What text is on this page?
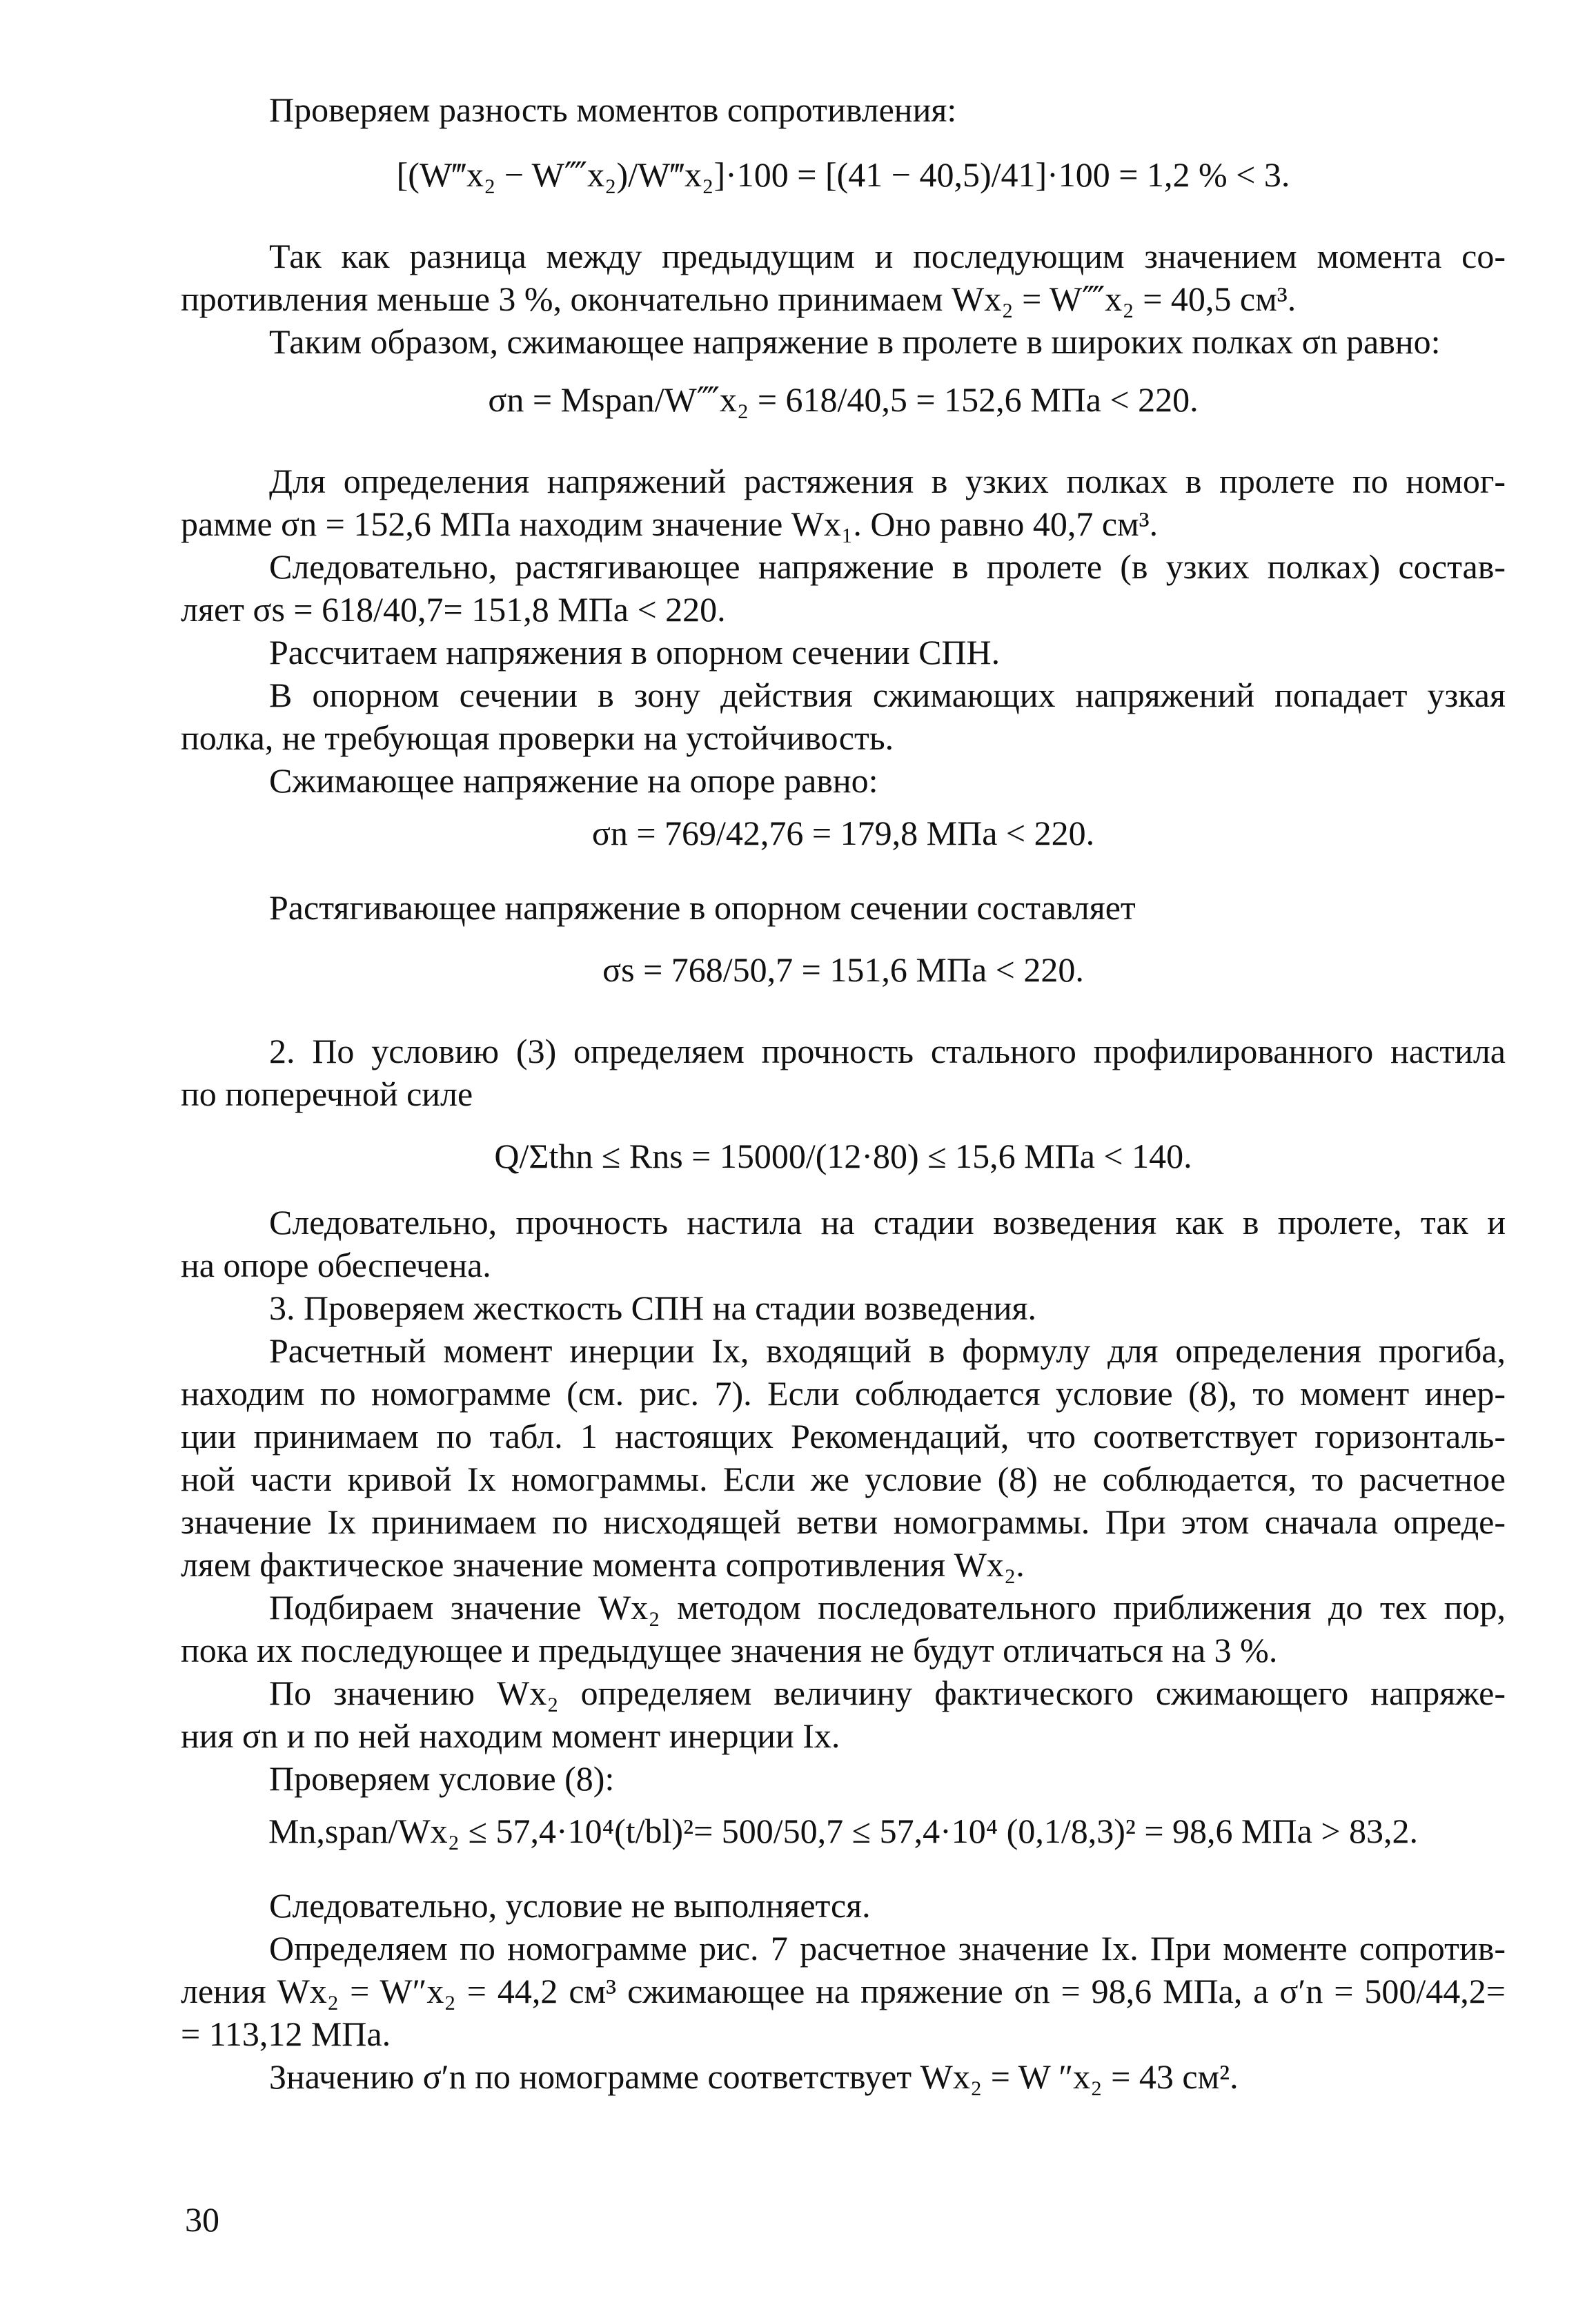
Проверяем разность моментов сопротивления:

[(W‴x₂ − W⁗x₂)/W‴x₂]·100 = [(41 − 40,5)/41]·100 = 1,2 % < 3.

Так как разница между предыдущим и последующим значением момента со-

противления меньше 3 %, окончательно принимаем Wx₂ = W⁗x₂ = 40,5 см³.

Таким образом, сжимающее напряжение в пролете в широких полках σn равно:

σn = Mspan/W⁗x₂ = 618/40,5 = 152,6 МПа < 220.

Для определения напряжений растяжения в узких полках в пролете по номог-

рамме σn = 152,6 МПа находим значение Wx₁. Оно равно 40,7 см³.

Следовательно, растягивающее напряжение в пролете (в узких полках) состав-

ляет σs = 618/40,7= 151,8 МПа < 220.

Рассчитаем напряжения в опорном сечении СПН.

В опорном сечении в зону действия сжимающих напряжений попадает узкая

полка, не требующая проверки на устойчивость.

Сжимающее напряжение на опоре равно:

σn = 769/42,76 = 179,8 МПа < 220.

Растягивающее напряжение в опорном сечении составляет

σs = 768/50,7 = 151,6 МПа < 220.

2. По условию (3) определяем прочность стального профилированного настила

по поперечной силе

Q/Σthn ≤ Rns = 15000/(12·80) ≤ 15,6 МПа < 140.

Следовательно, прочность настила на стадии возведения как в пролете, так и

на опоре обеспечена.

3. Проверяем жесткость СПН на стадии возведения.

Расчетный момент инерции Ix, входящий в формулу для определения прогиба,

находим по номограмме (см. рис. 7). Если соблюдается условие (8), то момент инер-

ции принимаем по табл. 1 настоящих Рекомендаций, что соответствует горизонталь-

ной части кривой Ix номограммы. Если же условие (8) не соблюдается, то расчетное

значение Ix принимаем по нисходящей ветви номограммы. При этом сначала опреде-

ляем фактическое значение момента сопротивления Wx₂.

Подбираем значение Wx₂ методом последовательного приближения до тех пор,

пока их последующее и предыдущее значения не будут отличаться на 3 %.

По значению Wx₂ определяем величину фактического сжимающего напряже-

ния σn и по ней находим момент инерции Ix.

Проверяем условие (8):

Mn,span/Wx₂ ≤ 57,4·10⁴(t/bl)²= 500/50,7 ≤ 57,4·10⁴ (0,1/8,3)² = 98,6 МПа > 83,2.

Следовательно, условие не выполняется.

Определяем по номограмме рис. 7 расчетное значение Ix. При моменте сопротив-

ления Wx₂ = W″x₂ = 44,2 см³ сжимающее на пряжение σn = 98,6 МПа, а σ′n = 500/44,2=

= 113,12 МПа.

Значению σ′n по номограмме соответствует Wx₂ = W ″x₂ = 43 см².

30
